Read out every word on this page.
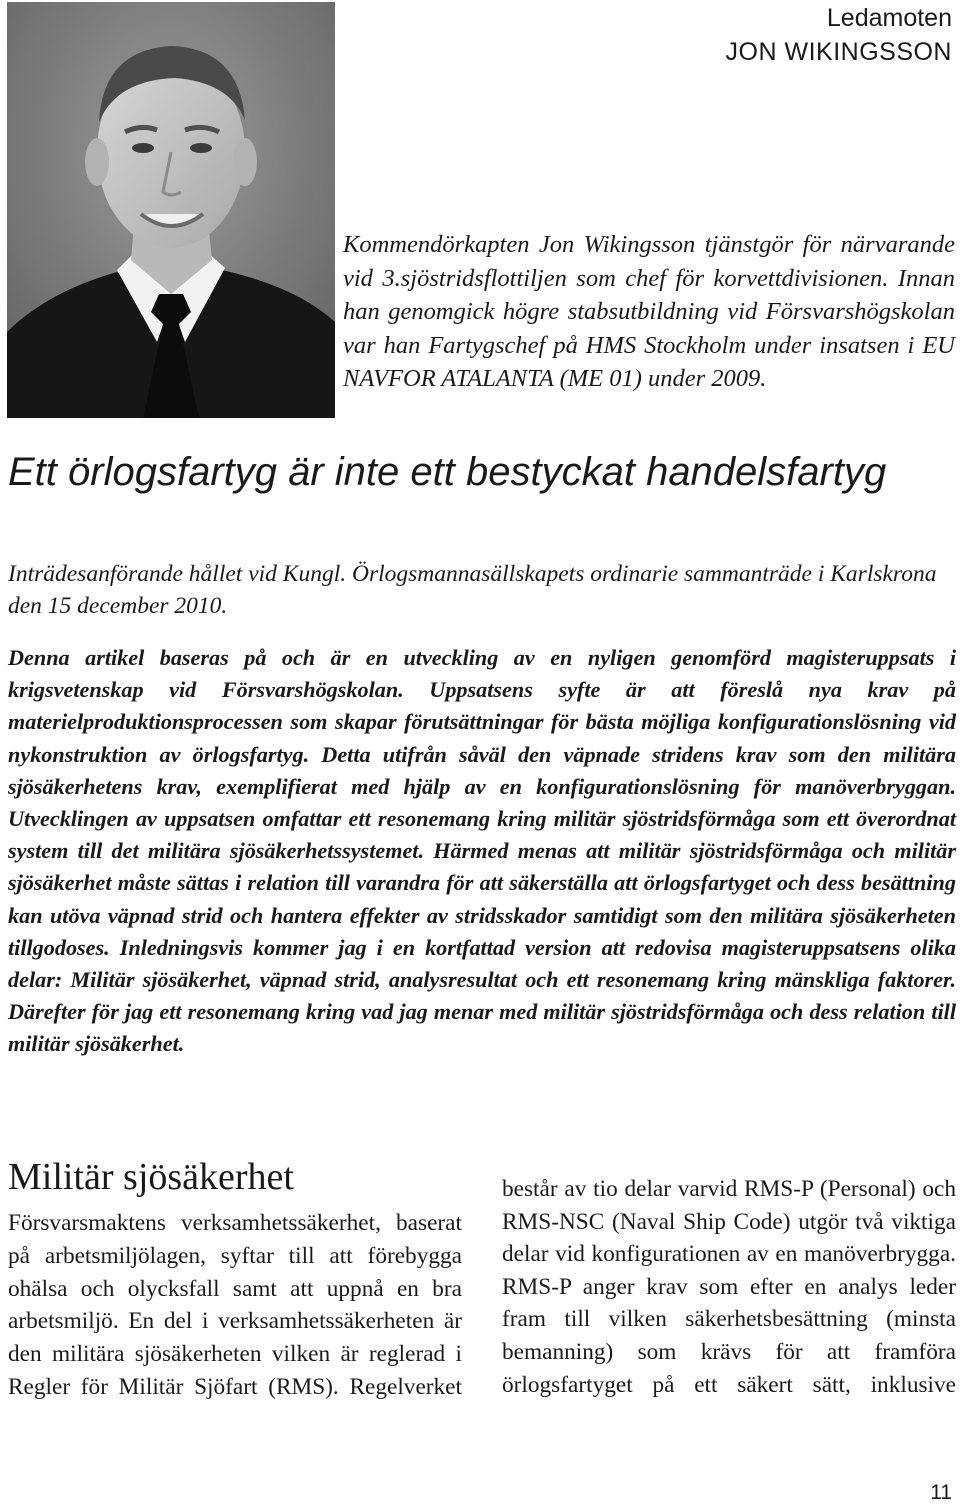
Ledamoten
JON WIKINGSSON
Kommendörkapten Jon Wikingsson tjänstgör för närvarande vid 3.sjöstridsflottiljen som chef för korvettdivisionen. Innan han genomgick högre stabsutbildning vid Försvarshögskolan var han Fartygschef på HMS Stockholm under insatsen i EU NAVFOR ATALANTA (ME 01) under 2009.
Ett örlogsfartyg är inte ett bestyckat handelsfartyg
Inträdesanförande hållet vid Kungl. Örlogsmannasällskapets ordinarie sammanträde i Karlskrona den 15 december 2010.
Denna artikel baseras på och är en utveckling av en nyligen genomförd magisteruppsats i krigsvetenskap vid Försvarshögskolan. Uppsatsens syfte är att föreslå nya krav på materielproduktionsprocessen som skapar förutsättningar för bästa möjliga konfigurationslösning vid nykonstruktion av örlogsfartyg. Detta utifrån såväl den väpnade stridens krav som den militära sjösäkerhetens krav, exemplifierat med hjälp av en konfigurationslösning för manöverbryggan. Utvecklingen av uppsatsen omfattar ett resonemang kring militär sjöstridsförmåga som ett överordnat system till det militära sjösäkerhetssystemet. Härmed menas att militär sjöstridsförmåga och militär sjösäkerhet måste sättas i relation till varandra för att säkerställa att örlogsfartyget och dess besättning kan utöva väpnad strid och hantera effekter av stridsskador samtidigt som den militära sjösäkerheten tillgodoses. Inledningsvis kommer jag i en kortfattad version att redovisa magisteruppsatsens olika delar: Militär sjösäkerhet, väpnad strid, analysresultat och ett resonemang kring mänskliga faktorer. Därefter för jag ett resonemang kring vad jag menar med militär sjöstridsförmåga och dess relation till militär sjösäkerhet.
Militär sjösäkerhet
Försvarsmaktens verksamhetssäkerhet, baserat på arbetsmiljölagen, syftar till att förebygga ohälsa och olycksfall samt att uppnå en bra arbetsmiljö. En del i verksamhetssäkerheten är den militära sjösäkerheten vilken är reglerad i Regler för Militär Sjöfart (RMS). Regelverket
består av tio delar varvid RMS-P (Personal) och RMS-NSC (Naval Ship Code) utgör två viktiga delar vid konfigurationen av en manöverbrygga. RMS-P anger krav som efter en analys leder fram till vilken säkerhetsbesättning (minsta bemanning) som krävs för att framföra örlogsfartyget på ett säkert sätt, inklusive
11
